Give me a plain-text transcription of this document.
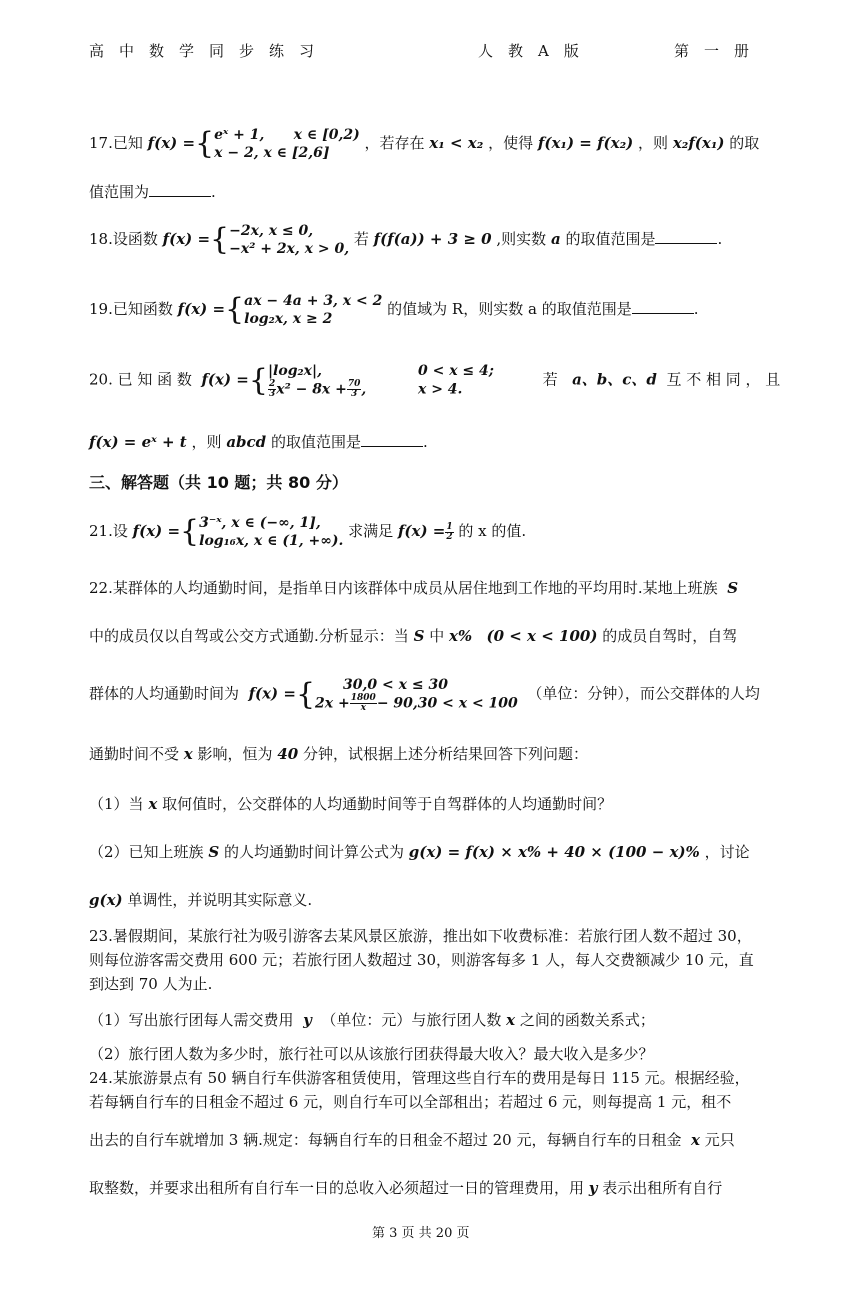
高　中　数　学　同　步　练　习	人　教　A　版	第　一　册
17.已知 f(x) ={ eˣ + 1, x ∈ [0,2)
x − 2, x ∈ [2,6]
，若存在 x₁ < x₂ ，使得 f(x₁) = f(x₂) ，则 x₂f(x₁) 的取
值范围为	.
18.设函数 f(x) ={ −2x, x ≤ 0,
−x² + 2x, x > 0,
若 f(f(a)) + 3 ≥ 0 ,则实数 a 的取值范围是	.
19.已知函数 f(x) ={ ax − 4a + 3, x < 2
log₂x, x ≥ 2
的值域为 R，则实数 a 的取值范围是	.
20. 已 知 函 数 f(x) ={ |log₂x|,	0 < x ≤ 4;
$\frac{2}{3} x^2 - 8x + \frac{70}{3}$ ,	x > 4.
若 a、b、c、d 互 不 相 同 ， 且
f(x) = eˣ + t ，则 abcd 的取值范围是	.
三、解答题（共 10 题；共 80 分）
21.设 f(x) ={ 3⁻ˣ, x ∈ (−∞, 1],
log₁₆x, x ∈ (1, +∞).
求满足 $f(x) = \frac{1}{2}$ 的 x 的值.
22.某群体的人均通勤时间，是指单日内该群体中成员从居住地到工作地的平均用时.某地上班族 S
中的成员仅以自驾或公交方式通勤.分析显示：当 S 中 x% (0 < x < 100) 的成员自驾时，自驾
群体的人均通勤时间为 f(x) ={	30,0 < x ≤ 30
$2x + \frac{1800}{x} - 90,30 < x < 100$
（单位：分钟），而公交群体的人均
通勤时间不受 x 影响，恒为 40 分钟，试根据上述分析结果回答下列问题：
（1）当 x 取何值时，公交群体的人均通勤时间等于自驾群体的人均通勤时间？
（2）已知上班族 S 的人均通勤时间计算公式为 g(x) = f(x) × x% + 40 × (100 − x)% ，讨论
g(x) 单调性，并说明其实际意义.
23.暑假期间，某旅行社为吸引游客去某风景区旅游，推出如下收费标准：若旅行团人数不超过 30，
则每位游客需交费用 600 元；若旅行团人数超过 30，则游客每多 1 人，每人交费额减少 10 元，直
到达到 70 人为止.
（1）写出旅行团每人需交费用 y （单位：元）与旅行团人数 x 之间的函数关系式；
（2）旅行团人数为多少时，旅行社可以从该旅行团获得最大收入？最大收入是多少？
24.某旅游景点有 50 辆自行车供游客租赁使用，管理这些自行车的费用是每日 115 元。根据经验，
若每辆自行车的日租金不超过 6 元，则自行车可以全部租出；若超过 6 元，则每提高 1 元，租不
出去的自行车就增加 3 辆.规定：每辆自行车的日租金不超过 20 元，每辆自行车的日租金 x 元只
取整数，并要求出租所有自行车一日的总收入必须超过一日的管理费用，用 y 表示出租所有自行
第 3 页 共 20 页
